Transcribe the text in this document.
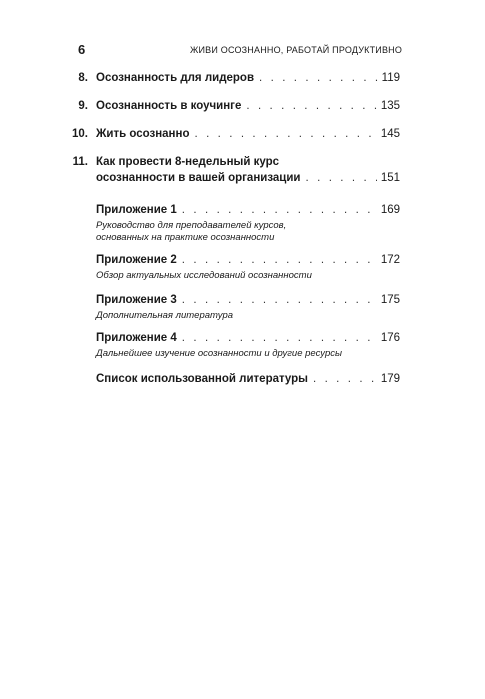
6	ЖИВИ ОСОЗНАННО, РАБОТАЙ ПРОДУКТИВНО
8. Осознанность для лидеров . . .	119
9. Осознанность в коучинге . . .	135
10. Жить осознанно . . .	145
11. Как провести 8-недельный курс
осознанности в вашей организации . . .	151
Приложение 1 . . .	169
Руководство для преподавателей курсов,
основанных на практике осознанности
Приложение 2 . . .	172
Обзор актуальных исследований осознанности
Приложение 3 . . .	175
Дополнительная литература
Приложение 4 . . .	176
Дальнейшее изучение осознанности и другие ресурсы
Список использованной литературы . . .	179
